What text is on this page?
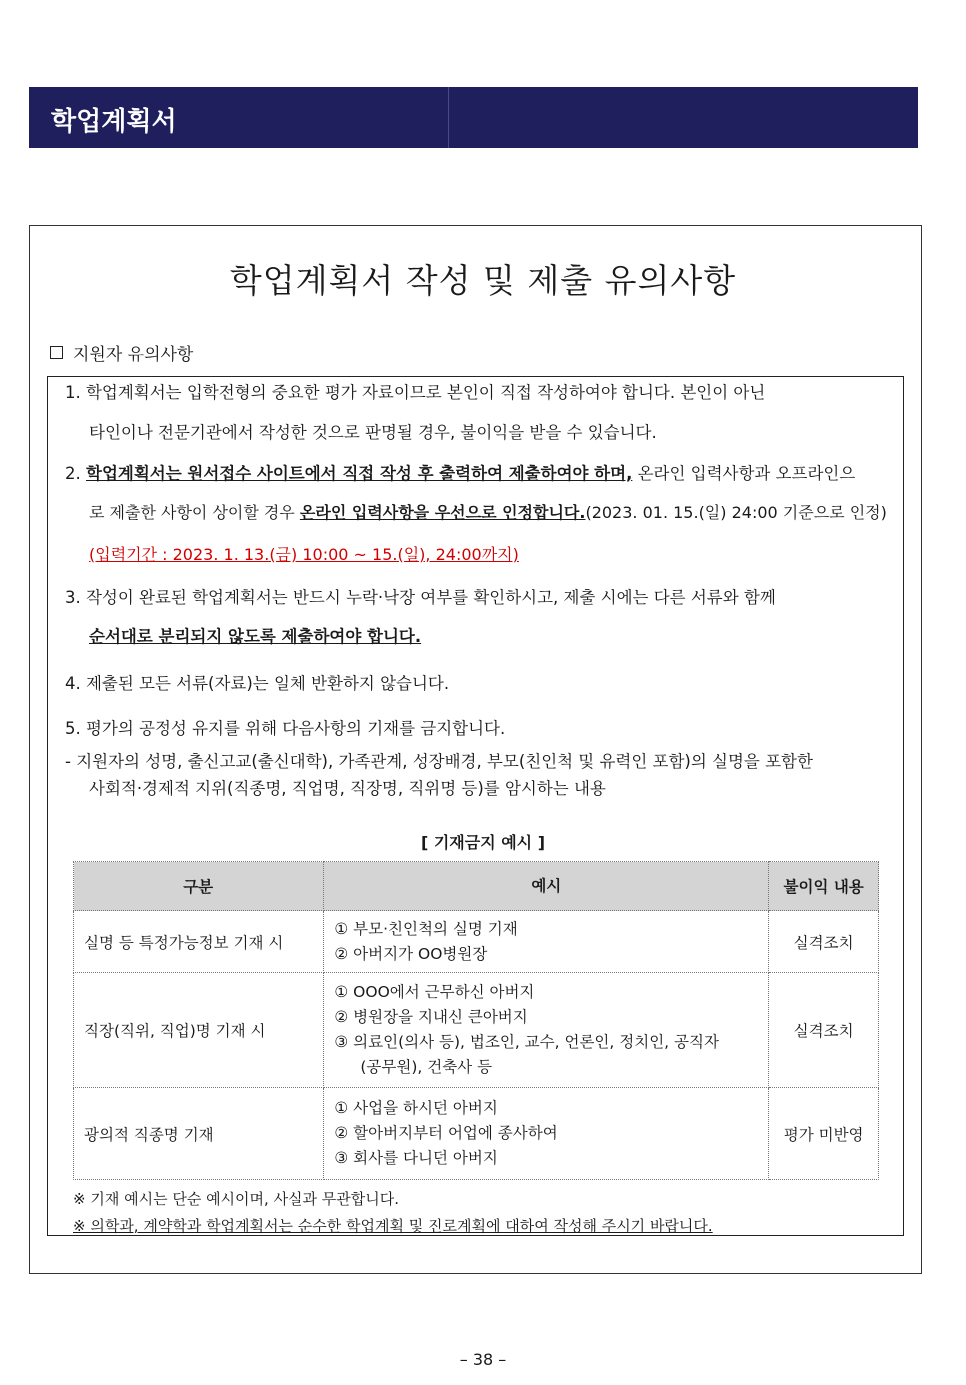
학업계획서
학업계획서 작성 및 제출 유의사항
지원자 유의사항
1. 학업계획서는 입학전형의 중요한 평가 자료이므로 본인이 직접 작성하여야 합니다. 본인이 아닌
타인이나 전문기관에서 작성한 것으로 판명될 경우, 불이익을 받을 수 있습니다.
2. 학업계획서는 원서접수 사이트에서 직접 작성 후 출력하여 제출하여야 하며, 온라인 입력사항과 오프라인으
로 제출한 사항이 상이할 경우 온라인 입력사항을 우선으로 인정합니다.(2023. 01. 15.(일) 24:00 기준으로 인정)
(입력기간 : 2023. 1. 13.(금) 10:00 ~ 15.(일), 24:00까지)
3. 작성이 완료된 학업계획서는 반드시 누락·낙장 여부를 확인하시고, 제출 시에는 다른 서류와 함께
순서대로 분리되지 않도록 제출하여야 합니다.
4. 제출된 모든 서류(자료)는 일체 반환하지 않습니다.
5. 평가의 공정성 유지를 위해 다음사항의 기재를 금지합니다.
- 지원자의 성명, 출신고교(출신대학), 가족관계, 성장배경, 부모(친인척 및 유력인 포함)의 실명을 포함한
사회적·경제적 지위(직종명, 직업명, 직장명, 직위명 등)를 암시하는 내용
[ 기재금지 예시 ]
구분	예시	불이익 내용
실명 등 특정가능정보 기재 시	① 부모·친인척의 실명 기재
② 아버지가 OO병원장	실격조치
직장(직위, 직업)명 기재 시	① OOO에서 근무하신 아버지
② 병원장을 지내신 큰아버지
③ 의료인(의사 등), 법조인, 교수, 언론인, 정치인, 공직자
(공무원), 건축사 등	실격조치
광의적 직종명 기재	① 사업을 하시던 아버지
② 할아버지부터 어업에 종사하여
③ 회사를 다니던 아버지	평가 미반영
※ 기재 예시는 단순 예시이며, 사실과 무관합니다.
※ 의학과, 계약학과 학업계획서는 순수한 학업계획 및 진로계획에 대하여 작성해 주시기 바랍니다.
– 38 –
